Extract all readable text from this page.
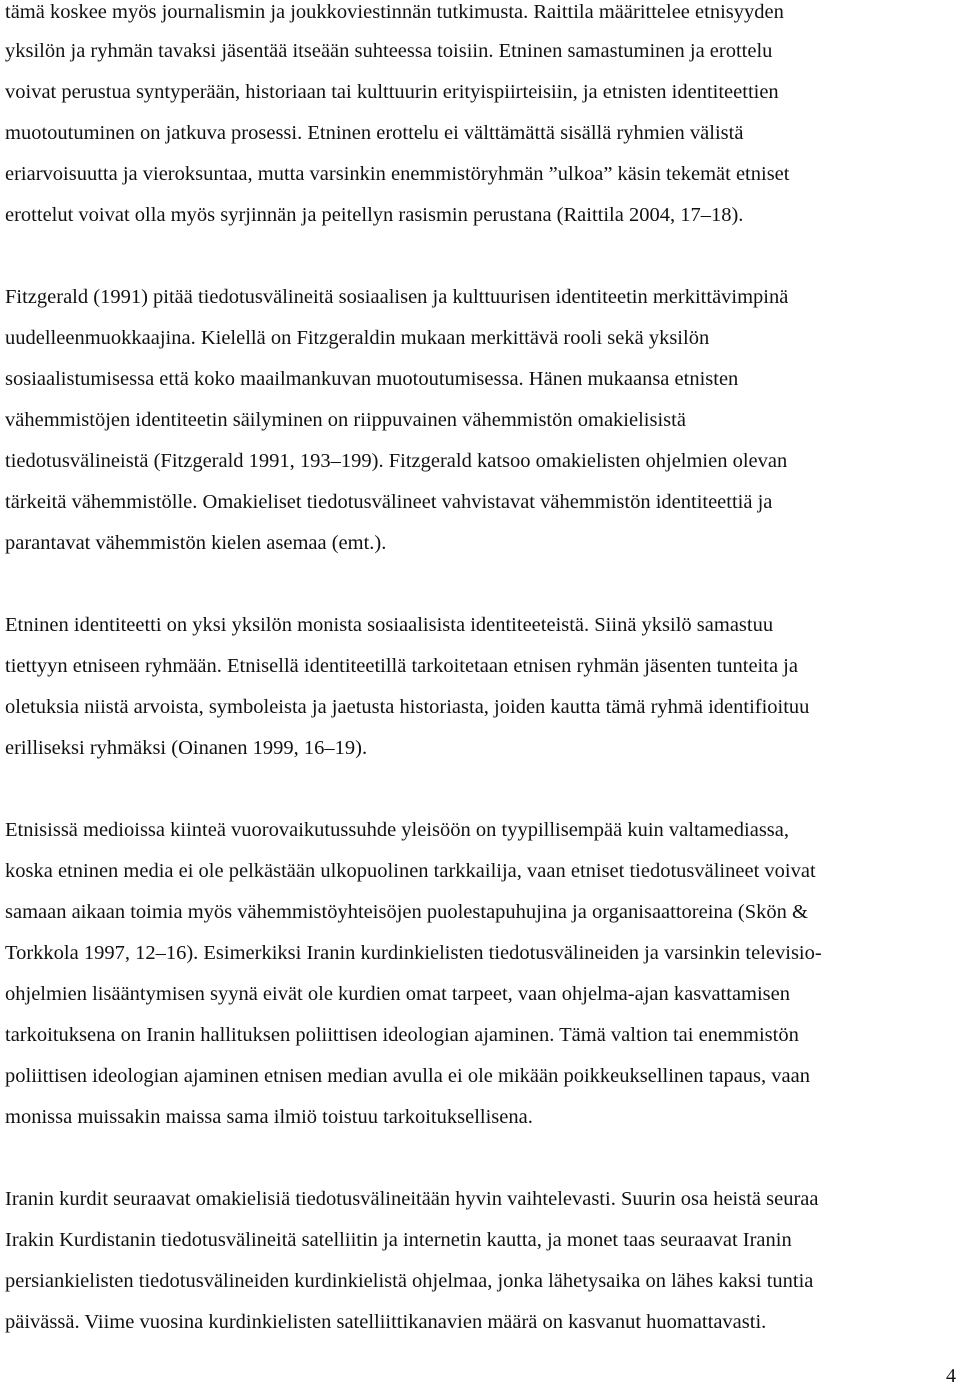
tämä koskee myös journalismin ja joukkoviestinnän tutkimusta. Raittila määrittelee etnisyyden
yksilön ja ryhmän tavaksi jäsentää itseään suhteessa toisiin. Etninen samastuminen ja erottelu
voivat perustua syntyperään, historiaan tai kulttuurin erityispiirteisiin, ja etnisten identiteettien
muotoutuminen on jatkuva prosessi. Etninen erottelu ei välttämättä sisällä ryhmien välistä
eriarvoisuutta ja vieroksuntaa, mutta varsinkin enemmistöryhmän ”ulkoa” käsin tekemät etniset
erottelut voivat olla myös syrjinnän ja peitellyn rasismin perustana (Raittila 2004, 17–18).
Fitzgerald (1991) pitää tiedotusvälineitä sosiaalisen ja kulttuurisen identiteetin merkittävimpinä
uudelleenmuokkaajina. Kielellä on Fitzgeraldin mukaan merkittävä rooli sekä yksilön
sosiaalistumisessa että koko maailmankuvan muotoutumisessa. Hänen mukaansa etnisten
vähemmistöjen identiteetin säilyminen on riippuvainen vähemmistön omakielisistä
tiedotusvälineistä (Fitzgerald 1991, 193–199). Fitzgerald katsoo omakielisten ohjelmien olevan
tärkeitä vähemmistölle. Omakieliset tiedotusvälineet vahvistavat vähemmistön identiteettiä ja
parantavat vähemmistön kielen asemaa (emt.).
Etninen identiteetti on yksi yksilön monista sosiaalisista identiteeteistä. Siinä yksilö samastuu
tiettyyn etniseen ryhmään. Etnisellä identiteetillä tarkoitetaan etnisen ryhmän jäsenten tunteita ja
oletuksia niistä arvoista, symboleista ja jaetusta historiasta, joiden kautta tämä ryhmä identifioituu
erilliseksi ryhmäksi (Oinanen 1999, 16–19).
Etnisissä medioissa kiinteä vuorovaikutussuhde yleisöön on tyypillisempää kuin valtamediassa,
koska etninen media ei ole pelkästään ulkopuolinen tarkkailija, vaan etniset tiedotusvälineet voivat
samaan aikaan toimia myös vähemmistöyhteisöjen puolestapuhujina ja organisaattoreina (Skön &
Torkkola 1997, 12–16). Esimerkiksi Iranin kurdinkielisten tiedotusvälineiden ja varsinkin televisio-
ohjelmien lisääntymisen syynä eivät ole kurdien omat tarpeet, vaan ohjelma-ajan kasvattamisen
tarkoituksena on Iranin hallituksen poliittisen ideologian ajaminen. Tämä valtion tai enemmistön
poliittisen ideologian ajaminen etnisen median avulla ei ole mikään poikkeuksellinen tapaus, vaan
monissa muissakin maissa sama ilmiö toistuu tarkoituksellisena.
Iranin kurdit seuraavat omakielisiä tiedotusvälineitään hyvin vaihtelevasti. Suurin osa heistä seuraa
Irakin Kurdistanin tiedotusvälineitä satelliitin ja internetin kautta, ja monet taas seuraavat Iranin
persiankielisten tiedotusvälineiden kurdinkielistä ohjelmaa, jonka lähetysaika on lähes kaksi tuntia
päivässä. Viime vuosina kurdinkielisten satelliittikanavien määrä on kasvanut huomattavasti.
4
